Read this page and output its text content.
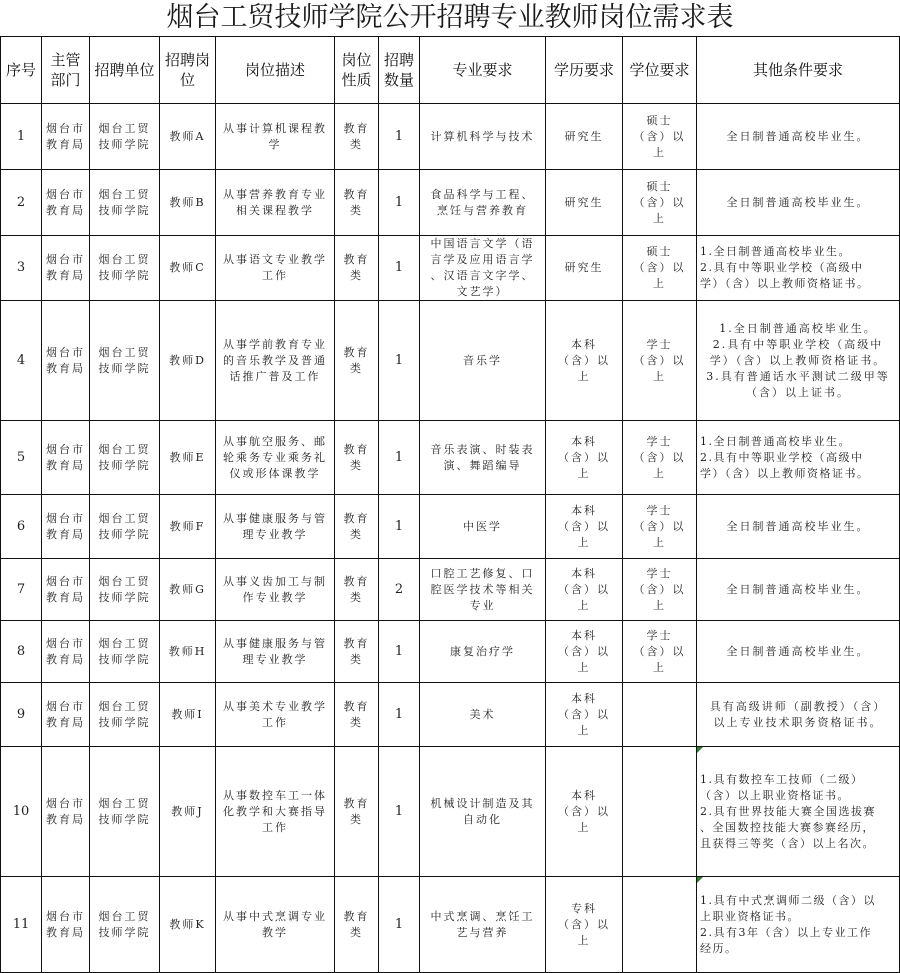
烟台工贸技师学院公开招聘专业教师岗位需求表
序号	主管
部门	招聘单位	招聘岗
位	岗位描述	岗位
性质	招聘
数量	专业要求	学历要求	学位要求	其他条件要求

1	烟台市
教育局	烟台工贸
技师学院	教师A	从事计算机课程教
学	教育
类	1	计算机科学与技术	研究生	硕士
（含）以
上	全日制普通高校毕业生。

2	烟台市
教育局	烟台工贸
技师学院	教师B	从事营养教育专业
相关课程教学	教育
类	1	食品科学与工程、
烹饪与营养教育	研究生	硕士
（含）以
上	全日制普通高校毕业生。

3	烟台市
教育局	烟台工贸
技师学院	教师C	从事语文专业教学
工作	教育
类	1	中国语言文学（语
言学及应用语言学
、汉语言文字学、
文艺学）	研究生	硕士
（含）以
上	1.全日制普通高校毕业生。
2.具有中等职业学校（高级中
学）（含）以上教师资格证书。

4	烟台市
教育局	烟台工贸
技师学院	教师D	从事学前教育专业
的音乐教学及普通
话推广普及工作	教育
类	1	音乐学	本科
（含）以
上	学士
（含）以
上	1.全日制普通高校毕业生。
2.具有中等职业学校（高级中
学）（含）以上教师资格证书。
3.具有普通话水平测试二级甲等
（含）以上证书。

5	烟台市
教育局	烟台工贸
技师学院	教师E	从事航空服务、邮
轮乘务专业乘务礼
仪或形体课教学	教育
类	1	音乐表演、时装表
演、舞蹈编导	本科
（含）以
上	学士
（含）以
上	1.全日制普通高校毕业生。
2.具有中等职业学校（高级中
学）（含）以上教师资格证书。

6	烟台市
教育局	烟台工贸
技师学院	教师F	从事健康服务与管
理专业教学	教育
类	1	中医学	本科
（含）以
上	学士
（含）以
上	全日制普通高校毕业生。

7	烟台市
教育局	烟台工贸
技师学院	教师G	从事义齿加工与制
作专业教学	教育
类	2	口腔工艺修复、口
腔医学技术等相关
专业	本科
（含）以
上	学士
（含）以
上	全日制普通高校毕业生。

8	烟台市
教育局	烟台工贸
技师学院	教师H	从事健康服务与管
理专业教学	教育
类	1	康复治疗学	本科
（含）以
上	学士
（含）以
上	全日制普通高校毕业生。

9	烟台市
教育局	烟台工贸
技师学院	教师I	从事美术专业教学
工作	教育
类	1	美术	本科
（含）以
上		具有高级讲师（副教授）（含）
以上专业技术职务资格证书。

10	烟台市
教育局	烟台工贸
技师学院	教师J	从事数控车工一体
化教学和大赛指导
工作	教育
类	1	机械设计制造及其
自动化	本科
（含）以
上		1.具有数控车工技师（二级）
（含）以上职业资格证书。
2.具有世界技能大赛全国选拔赛
、全国数控技能大赛参赛经历，
且获得三等奖（含）以上名次。

11	烟台市
教育局	烟台工贸
技师学院	教师K	从事中式烹调专业
教学	教育
类	1	中式烹调、烹饪工
艺与营养	专科
（含）以
上		1.具有中式烹调师二级（含）以
上职业资格证书。
2.具有3年（含）以上专业工作
经历。
